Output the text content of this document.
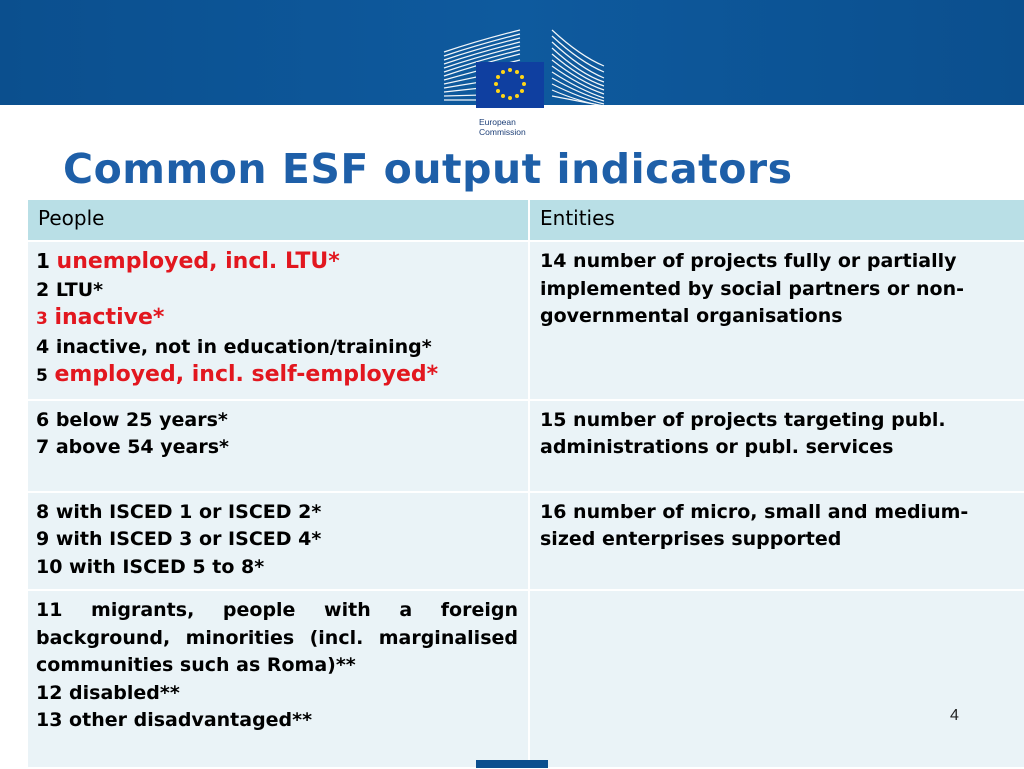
European
Commission
Common ESF output indicators
People	Entities

1 unemployed, incl. LTU*
2 LTU*
3 inactive*
4 inactive, not in education/training*
5 employed, incl. self-employed*	14 number of projects fully or partially implemented by social partners or non-governmental organisations

6 below 25 years*
7 above 54 years*	15 number of projects targeting publ. administrations or publ. services

8 with ISCED 1 or ISCED 2*
9 with ISCED 3 or ISCED 4*
10 with ISCED 5 to 8*	16 number of micro, small and medium-sized enterprises supported

11 migrants, people with a foreign background, minorities (incl. marginalised communities such as Roma)**
12 disabled**
13 other disadvantaged**	
		4
